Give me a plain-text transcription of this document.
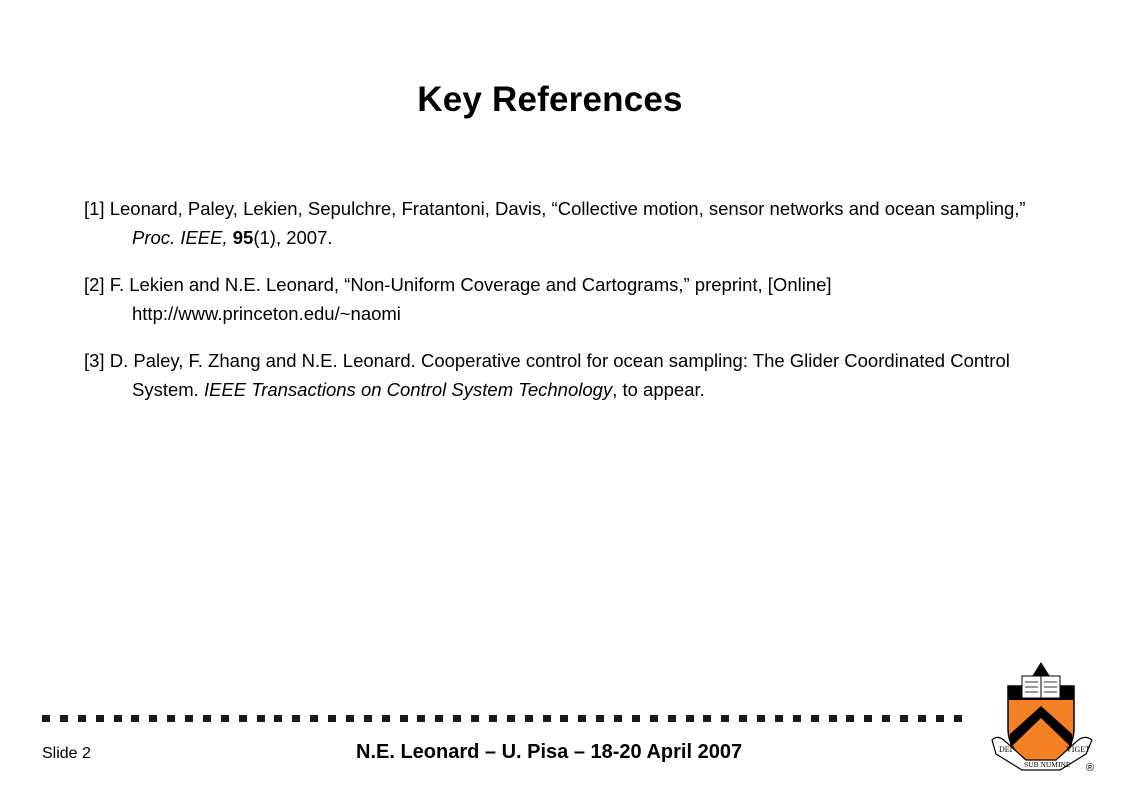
Key References
[1] Leonard, Paley, Lekien, Sepulchre, Fratantoni, Davis, “Collective motion, sensor networks and ocean sampling,” Proc. IEEE, 95(1), 2007.
[2] F. Lekien and N.E. Leonard, “Non-Uniform Coverage and Cartograms,” preprint, [Online] http://www.princeton.edu/~naomi
[3] D. Paley, F. Zhang and N.E. Leonard. Cooperative control for ocean sampling: The Glider Coordinated Control System. IEEE Transactions on Control System Technology, to appear.
Slide 2	N.E. Leonard – U. Pisa – 18-20 April 2007	DEI
SUB NUMINE
VIGET
®
